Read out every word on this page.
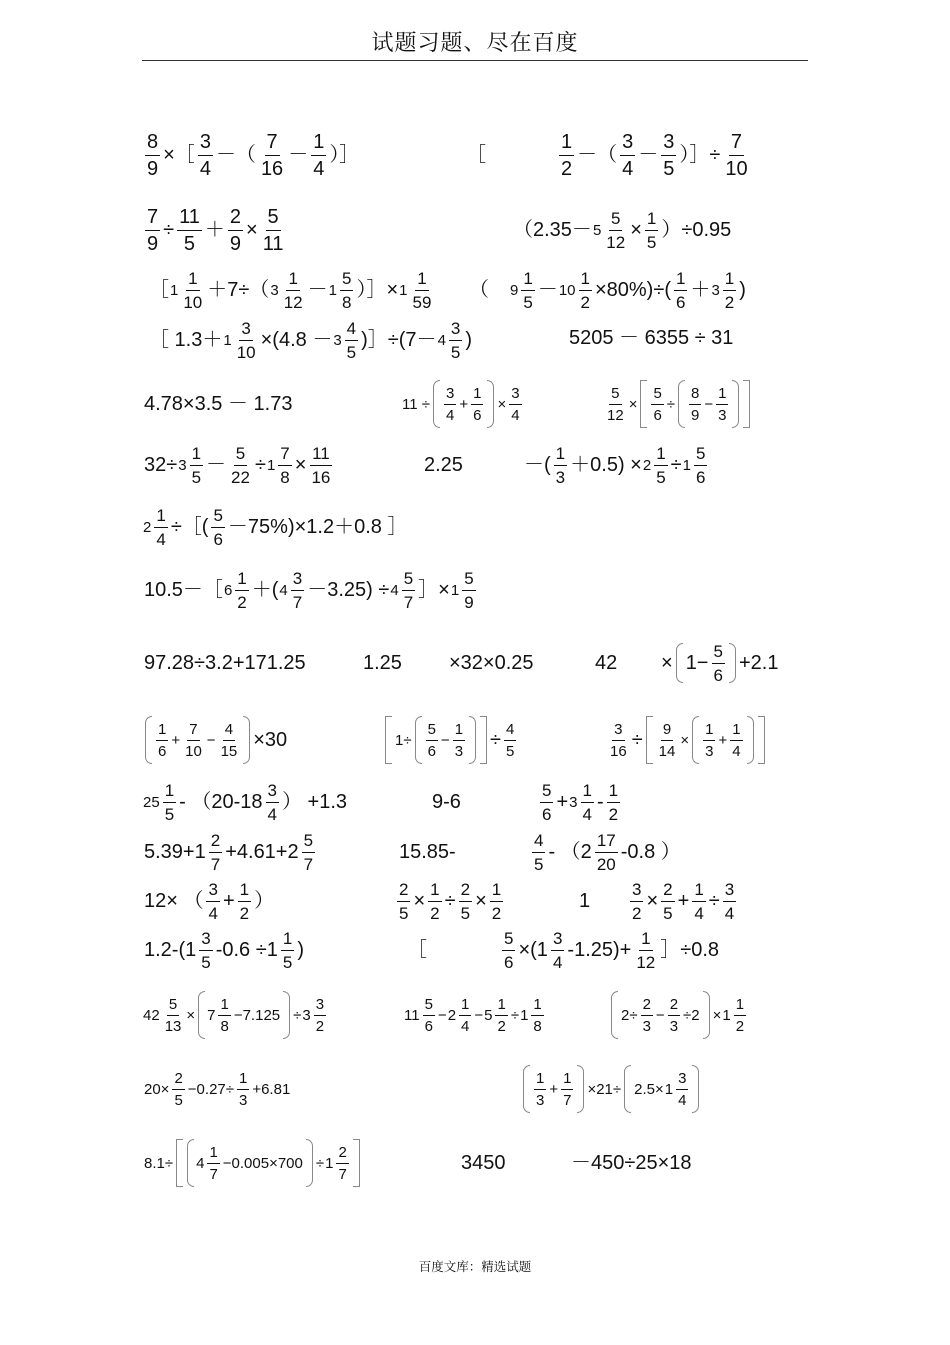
试题习题、尽在百度
$\frac{8}{9}$ ×［ $\frac{3}{4}$ －（ $\frac{7}{16} - \frac{1}{4}$ ）］	［	$\frac{1}{2}$ －（ $\frac{3}{4} - \frac{3}{5}$ ）］÷ $\frac{7}{10}$
$\frac{7}{9} \div \frac{11}{5} + \frac{2}{9} \times \frac{5}{11}$	$(2.35- 5 \frac{5}{12} \times \frac{1}{5} )\div 0.95$
［ $1 \frac{1}{10} +7\div$（ $3 \frac{1}{12} - 1 \frac{5}{8}$ ）］× $1 \frac{1}{59}$ （ $9 \frac{1}{5} - 10 \frac{1}{2} \times 80\%)\div( \frac{1}{6} + 3 \frac{1}{2}$ )
［ $1.3+ 1 \frac{3}{10} \times(4.8 - 3 \frac{4}{5}$ )］÷(7－ $4 \frac{3}{5}$ )	5205 － 6355 ÷ 31
4.78×3.5 － 1.73	$11 \div \frac{3}{4} + \frac{1}{6} \times \frac{3}{4}$	$\frac{5}{12} \times \frac{5}{6} \div \frac{8}{9} - \frac{1}{3}$
$32\div 3 \frac{1}{5} - \frac{5}{22} \div 1 \frac{7}{8} \times \frac{11}{16}$	2.25	－( $\frac{1}{3} +0.5) \times 2 \frac{1}{5} \div 1 \frac{5}{6}$
$2 \frac{1}{4}$ ÷［( $\frac{5}{6} -75\%)\times 1.2+0.8$ ］
10.5－［ $6 \frac{1}{2}$ ＋( $4 \frac{3}{7} -3.25) \div 4 \frac{5}{7}$ ］× $1 \frac{5}{9}$
97.28÷3.2+171.25	1.25 ×32×0.25	$42 \times 1- \frac{5}{6} +2.1$
$\frac{1}{6} + \frac{7}{10} - \frac{4}{15} \times 30$	$1\div \frac{5}{6} - \frac{1}{3} \div \frac{4}{5}$	$\frac{3}{16} \div \frac{9}{14} \times \frac{1}{3} + \frac{1}{4}$
$25 \frac{1}{5} - (20-18 \frac{3}{4}$ ） +1.3	9-6	$\frac{5}{6} + 3 \frac{1}{4} - \frac{1}{2}$
$5.39+1 \frac{2}{7} +4.61+2 \frac{5}{7}$	15.85-	$\frac{4}{5} - (2 \frac{17}{20} -0.8$ ）
12× （ $\frac{3}{4} + \frac{1}{2}$ ）	$\frac{2}{5} \times \frac{1}{2} \div \frac{2}{5} \times \frac{1}{2}$	$1 \frac{3}{2} \times \frac{2}{5} + \frac{1}{4} \div \frac{3}{4}$
$1.2-(1 \frac{3}{5} -0.6 \div 1 \frac{1}{5}$ )	［	$\frac{5}{6} \times(1 \frac{3}{4} -1.25)+ \frac{1}{12}$ ］÷0.8
$42 \frac{5}{13} \times 7 \frac{1}{8} -7.125 \div 3 \frac{3}{2}$	$11 \frac{5}{6} - 2 \frac{1}{4} - 5 \frac{1}{2} \div 1 \frac{1}{8}$	$2\div \frac{2}{3} - \frac{2}{3} \div 2 \times 1 \frac{1}{2}$
$20\times \frac{2}{5} -0.27\div \frac{1}{3} +6.81$	$\frac{1}{3} + \frac{1}{7} \times 21\div 2.5\times 1 \frac{3}{4}$
$8.1\div 4 \frac{1}{7} -0.005\times 700 \div 1 \frac{2}{7}$	3450	－450÷25×18
百度文库：精选试题
